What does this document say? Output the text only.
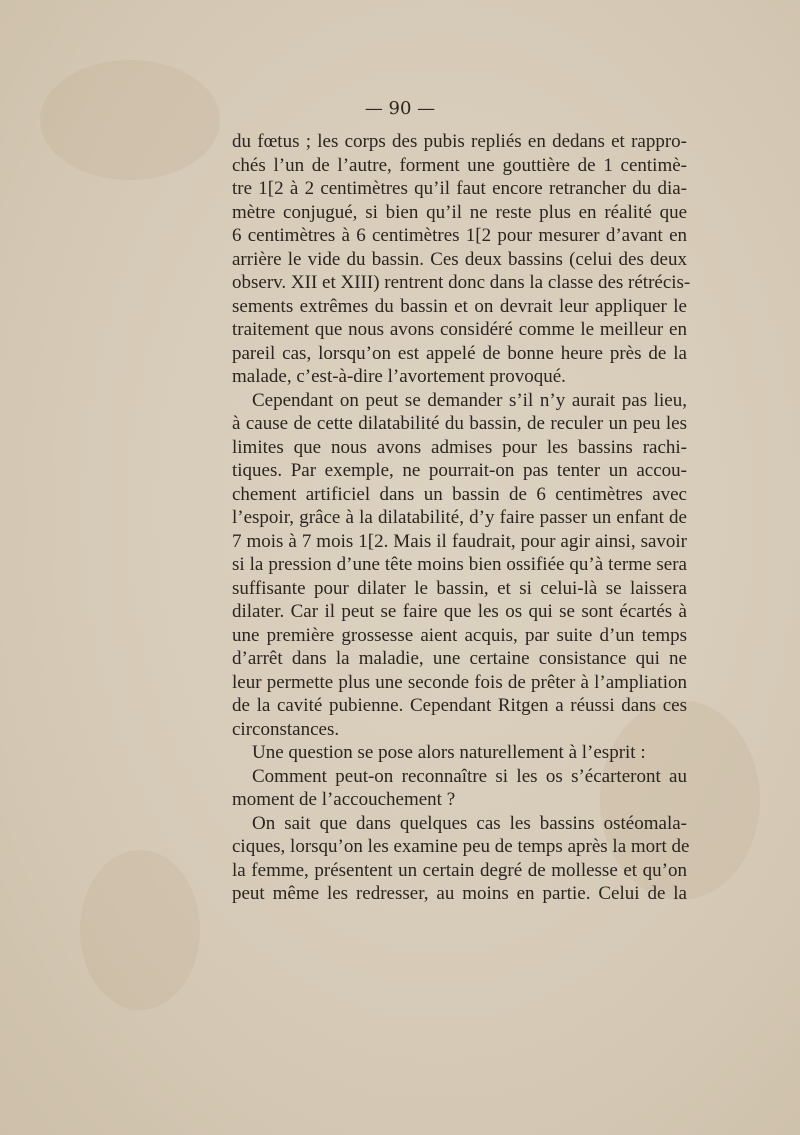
— 90 —
du fœtus ; les corps des pubis repliés en dedans et rappro-
chés l’un de l’autre, forment une gouttière de 1 centimè-
tre 1[2 à 2 centimètres qu’il faut encore retrancher du dia-
mètre conjugué, si bien qu’il ne reste plus en réalité que
6 centimètres à 6 centimètres 1[2 pour mesurer d’avant en
arrière le vide du bassin. Ces deux bassins (celui des deux
observ. XII et XIII) rentrent donc dans la classe des rétrécis-
sements extrêmes du bassin et on devrait leur appliquer le
traitement que nous avons considéré comme le meilleur en
pareil cas, lorsqu’on est appelé de bonne heure près de la
malade, c’est-à-dire l’avortement provoqué.
Cependant on peut se demander s’il n’y aurait pas lieu,
à cause de cette dilatabilité du bassin, de reculer un peu les
limites que nous avons admises pour les bassins rachi-
tiques. Par exemple, ne pourrait-on pas tenter un accou-
chement artificiel dans un bassin de 6 centimètres avec
l’espoir, grâce à la dilatabilité, d’y faire passer un enfant de
7 mois à 7 mois 1[2. Mais il faudrait, pour agir ainsi, savoir
si la pression d’une tête moins bien ossifiée qu’à terme sera
suffisante pour dilater le bassin, et si celui-là se laissera
dilater. Car il peut se faire que les os qui se sont écartés à
une première grossesse aient acquis, par suite d’un temps
d’arrêt dans la maladie, une certaine consistance qui ne
leur permette plus une seconde fois de prêter à l’ampliation
de la cavité pubienne. Cependant Ritgen a réussi dans ces
circonstances.
Une question se pose alors naturellement à l’esprit :
Comment peut-on reconnaître si les os s’écarteront au
moment de l’accouchement ?
On sait que dans quelques cas les bassins ostéomala-
ciques, lorsqu’on les examine peu de temps après la mort de
la femme, présentent un certain degré de mollesse et qu’on
peut même les redresser, au moins en partie. Celui de la
